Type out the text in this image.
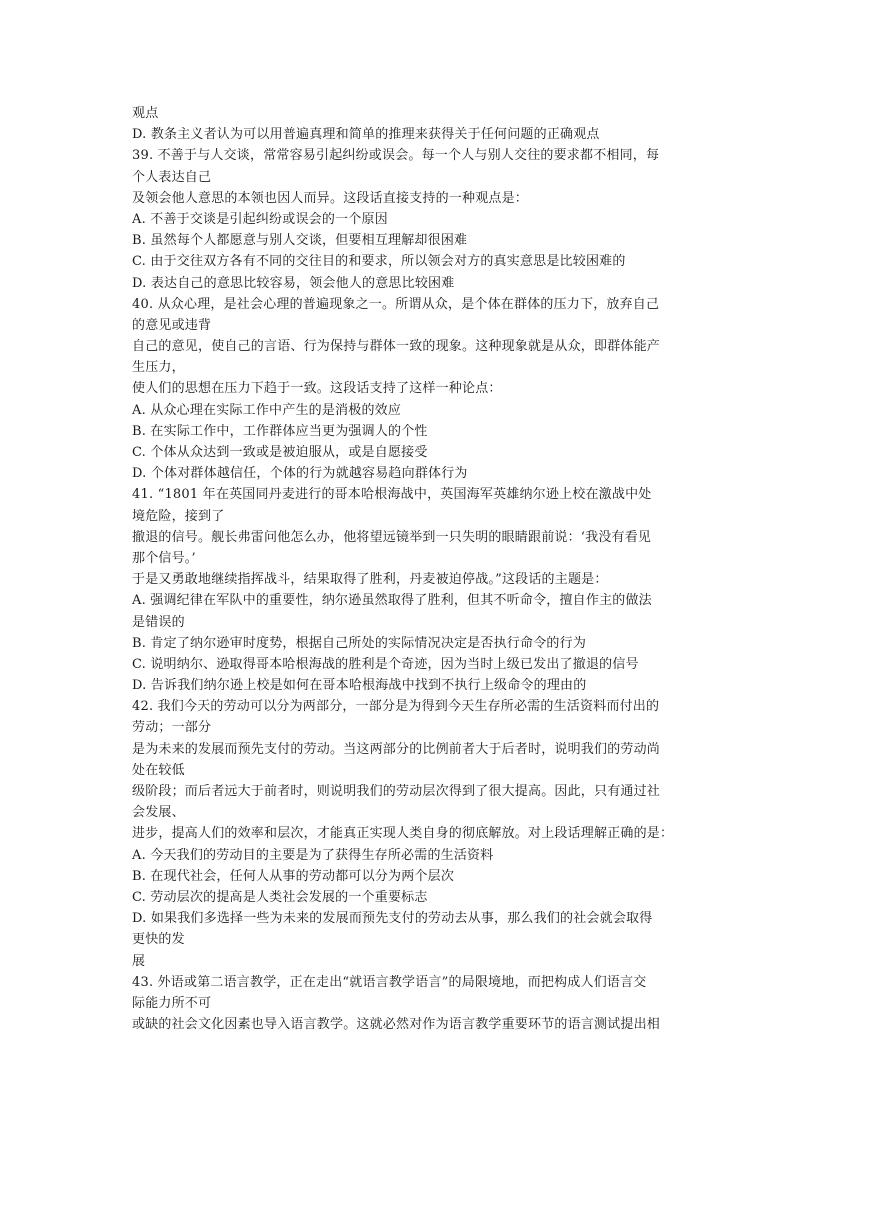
观点
D. 教条主义者认为可以用普遍真理和简单的推理来获得关于任何问题的正确观点
39. 不善于与人交谈，常常容易引起纠纷或误会。每一个人与别人交往的要求都不相同，每
个人表达自己
及领会他人意思的本领也因人而异。这段话直接支持的一种观点是：
A. 不善于交谈是引起纠纷或误会的一个原因
B. 虽然每个人都愿意与别人交谈，但要相互理解却很困难
C. 由于交往双方各有不同的交往目的和要求，所以领会对方的真实意思是比较困难的
D. 表达自己的意思比较容易，领会他人的意思比较困难
40. 从众心理，是社会心理的普遍现象之一。所谓从众，是个体在群体的压力下，放弃自己
的意见或违背
自己的意见，使自己的言语、行为保持与群体一致的现象。这种现象就是从众，即群体能产
生压力，
使人们的思想在压力下趋于一致。这段话支持了这样一种论点：
A. 从众心理在实际工作中产生的是消极的效应
B. 在实际工作中，工作群体应当更为强调人的个性
C. 个体从众达到一致或是被迫服从，或是自愿接受
D. 个体对群体越信任，个体的行为就越容易趋向群体行为
41. “1801 年在英国同丹麦进行的哥本哈根海战中，英国海军英雄纳尔逊上校在激战中处
境危险，接到了
撤退的信号。舰长弗雷问他怎么办，他将望远镜举到一只失明的眼睛跟前说：‘我没有看见
那个信号。’
于是又勇敢地继续指挥战斗，结果取得了胜利，丹麦被迫停战。”这段话的主题是：
A. 强调纪律在军队中的重要性，纳尔逊虽然取得了胜利，但其不听命令，擅自作主的做法
是错误的
B. 肯定了纳尔逊审时度势，根据自己所处的实际情况决定是否执行命令的行为
C. 说明纳尔、逊取得哥本哈根海战的胜利是个奇迹，因为当时上级已发出了撤退的信号
D. 告诉我们纳尔逊上校是如何在哥本哈根海战中找到不执行上级命令的理由的
42. 我们今天的劳动可以分为两部分，一部分是为得到今天生存所必需的生活资料而付出的
劳动；一部分
是为未来的发展而预先支付的劳动。当这两部分的比例前者大于后者时，说明我们的劳动尚
处在较低
级阶段；而后者远大于前者时，则说明我们的劳动层次得到了很大提高。因此，只有通过社
会发展、
进步，提高人们的效率和层次，才能真正实现人类自身的彻底解放。对上段话理解正确的是：
A. 今天我们的劳动目的主要是为了获得生存所必需的生活资料
B. 在现代社会，任何人从事的劳动都可以分为两个层次
C. 劳动层次的提高是人类社会发展的一个重要标志
D. 如果我们多选择一些为未来的发展而预先支付的劳动去从事，那么我们的社会就会取得
更快的发
展
43. 外语或第二语言教学，正在走出“就语言教学语言”的局限境地，而把构成人们语言交
际能力所不可
或缺的社会文化因素也导入语言教学。这就必然对作为语言教学重要环节的语言测试提出相
